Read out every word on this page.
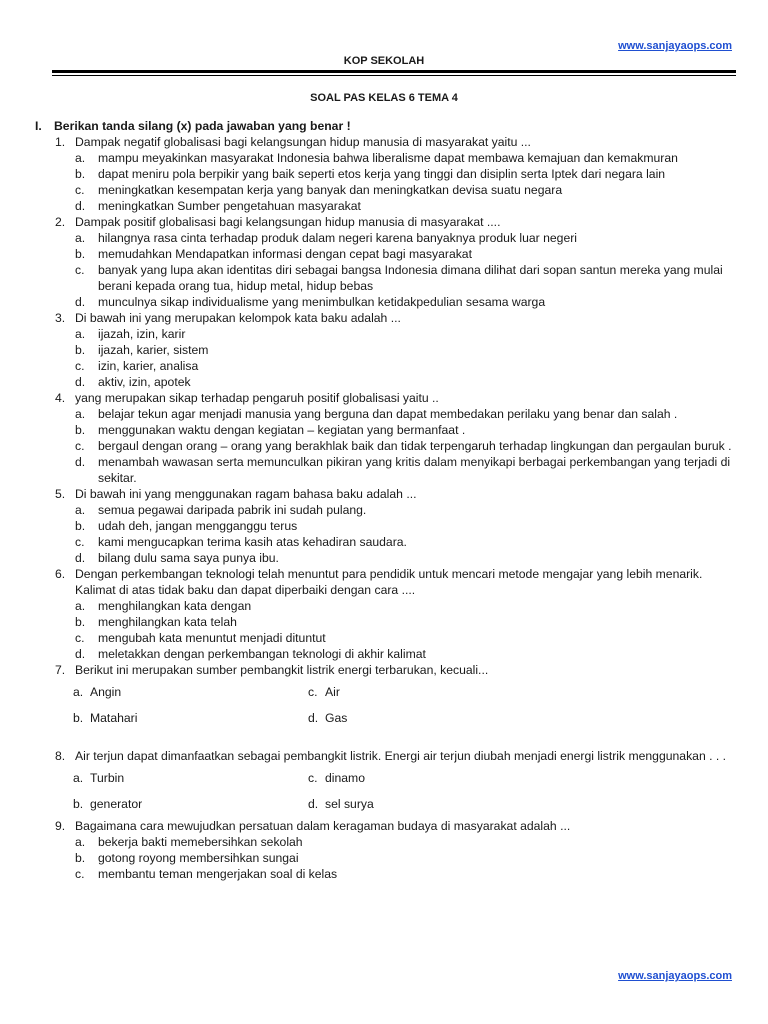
www.sanjayaops.com
KOP SEKOLAH
SOAL PAS KELAS 6 TEMA 4
I.	Berikan tanda silang (x) pada jawaban yang benar !
1. Dampak negatif globalisasi bagi kelangsungan hidup manusia di masyarakat yaitu ...
a.	mampu meyakinkan masyarakat Indonesia bahwa liberalisme dapat membawa kemajuan dan kemakmuran
b.	dapat meniru pola berpikir yang baik seperti etos kerja yang tinggi dan disiplin serta Iptek dari negara lain
c.	meningkatkan kesempatan kerja yang banyak dan meningkatkan devisa suatu negara
d.	meningkatkan Sumber pengetahuan masyarakat
2. Dampak positif globalisasi bagi kelangsungan hidup manusia di masyarakat ....
a.	hilangnya rasa cinta terhadap produk dalam negeri karena banyaknya produk luar negeri
b.	memudahkan Mendapatkan informasi dengan cepat bagi masyarakat
c.	banyak yang lupa akan identitas diri sebagai bangsa Indonesia dimana dilihat dari sopan santun mereka yang mulai berani kepada orang tua, hidup metal, hidup bebas
d.	munculnya sikap individualisme yang menimbulkan ketidakpedulian sesama warga
3. Di bawah ini yang merupakan kelompok kata baku adalah ...
a.	ijazah, izin, karir
b.	ijazah, karier, sistem
c.	izin, karier, analisa
d.	aktiv, izin, apotek
4. yang merupakan sikap terhadap pengaruh positif globalisasi yaitu ..
a.	belajar tekun agar menjadi manusia yang berguna dan dapat membedakan perilaku yang benar dan salah .
b.	menggunakan waktu dengan kegiatan – kegiatan yang bermanfaat .
c.	bergaul dengan orang – orang yang berakhlak baik dan tidak terpengaruh terhadap lingkungan dan pergaulan buruk .
d.	menambah wawasan serta memunculkan pikiran yang kritis dalam menyikapi berbagai perkembangan yang terjadi di sekitar.
5. Di bawah ini yang menggunakan ragam bahasa baku adalah ...
a.	semua pegawai daripada pabrik ini sudah pulang.
b.	udah deh, jangan mengganggu terus
c.	kami mengucapkan terima kasih atas kehadiran saudara.
d.	bilang dulu sama saya punya ibu.
6. Dengan perkembangan teknologi telah menuntut para pendidik untuk mencari metode mengajar yang lebih menarik. Kalimat di atas tidak baku dan dapat diperbaiki dengan cara ....
a.	menghilangkan kata dengan
b.	menghilangkan kata telah
c.	mengubah kata menuntut menjadi dituntut
d.	meletakkan dengan perkembangan teknologi di akhir kalimat
7. Berikut ini merupakan sumber pembangkit listrik energi terbarukan, kecuali...
a. Angin	c. Air
b. Matahari	d. Gas
8. Air terjun dapat dimanfaatkan sebagai pembangkit listrik. Energi air terjun diubah menjadi energi listrik menggunakan . . .
a. Turbin	c. dinamo
b. generator	d. sel surya
9. Bagaimana cara mewujudkan persatuan dalam keragaman budaya di masyarakat adalah ...
a.	bekerja bakti memebersihkan sekolah
b.	gotong royong membersihkan sungai
c.	membantu teman mengerjakan soal di kelas
www.sanjayaops.com
